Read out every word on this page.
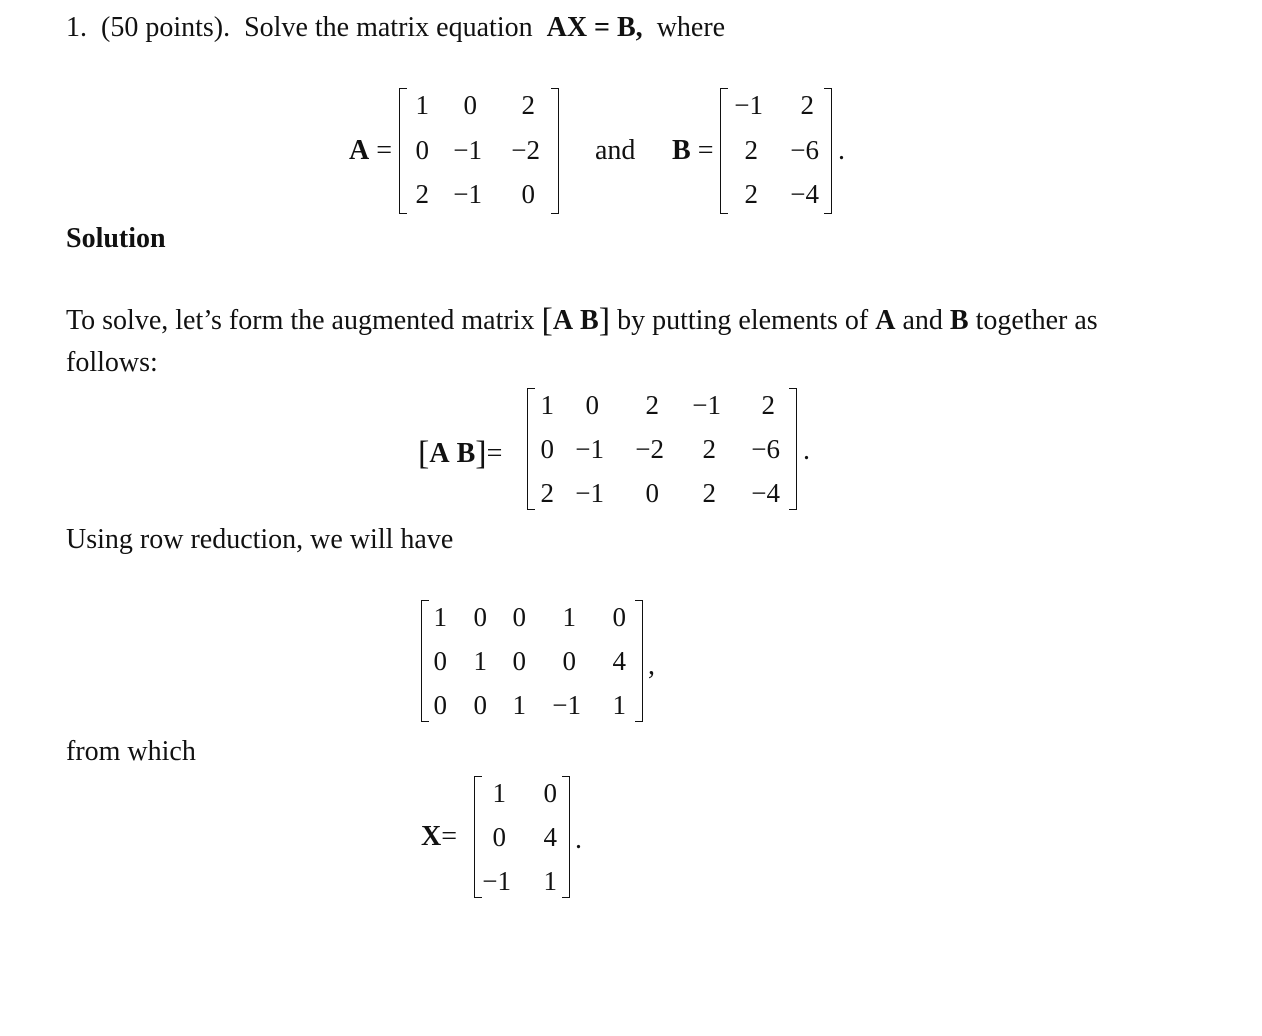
1. (50 points). Solve the matrix equation AX = B, where
A =
1	0	2
0 −1	−2
2 −1	0
and B =
−1	2
2	−6
2	−4
.
Solution
To solve, let’s form the augmented matrix [A B] by putting elements of A and B together as
follows:
[A B]=
1	0	2	−1	2
0 −1	−2	2	−6
2 −1	0	2	−4
.
Using row reduction, we will have
1 0 0	1	0
0 1 0	0	4
0 0 1 −1	1
,
from which
X=
1	0
0	4
−1	1
.
